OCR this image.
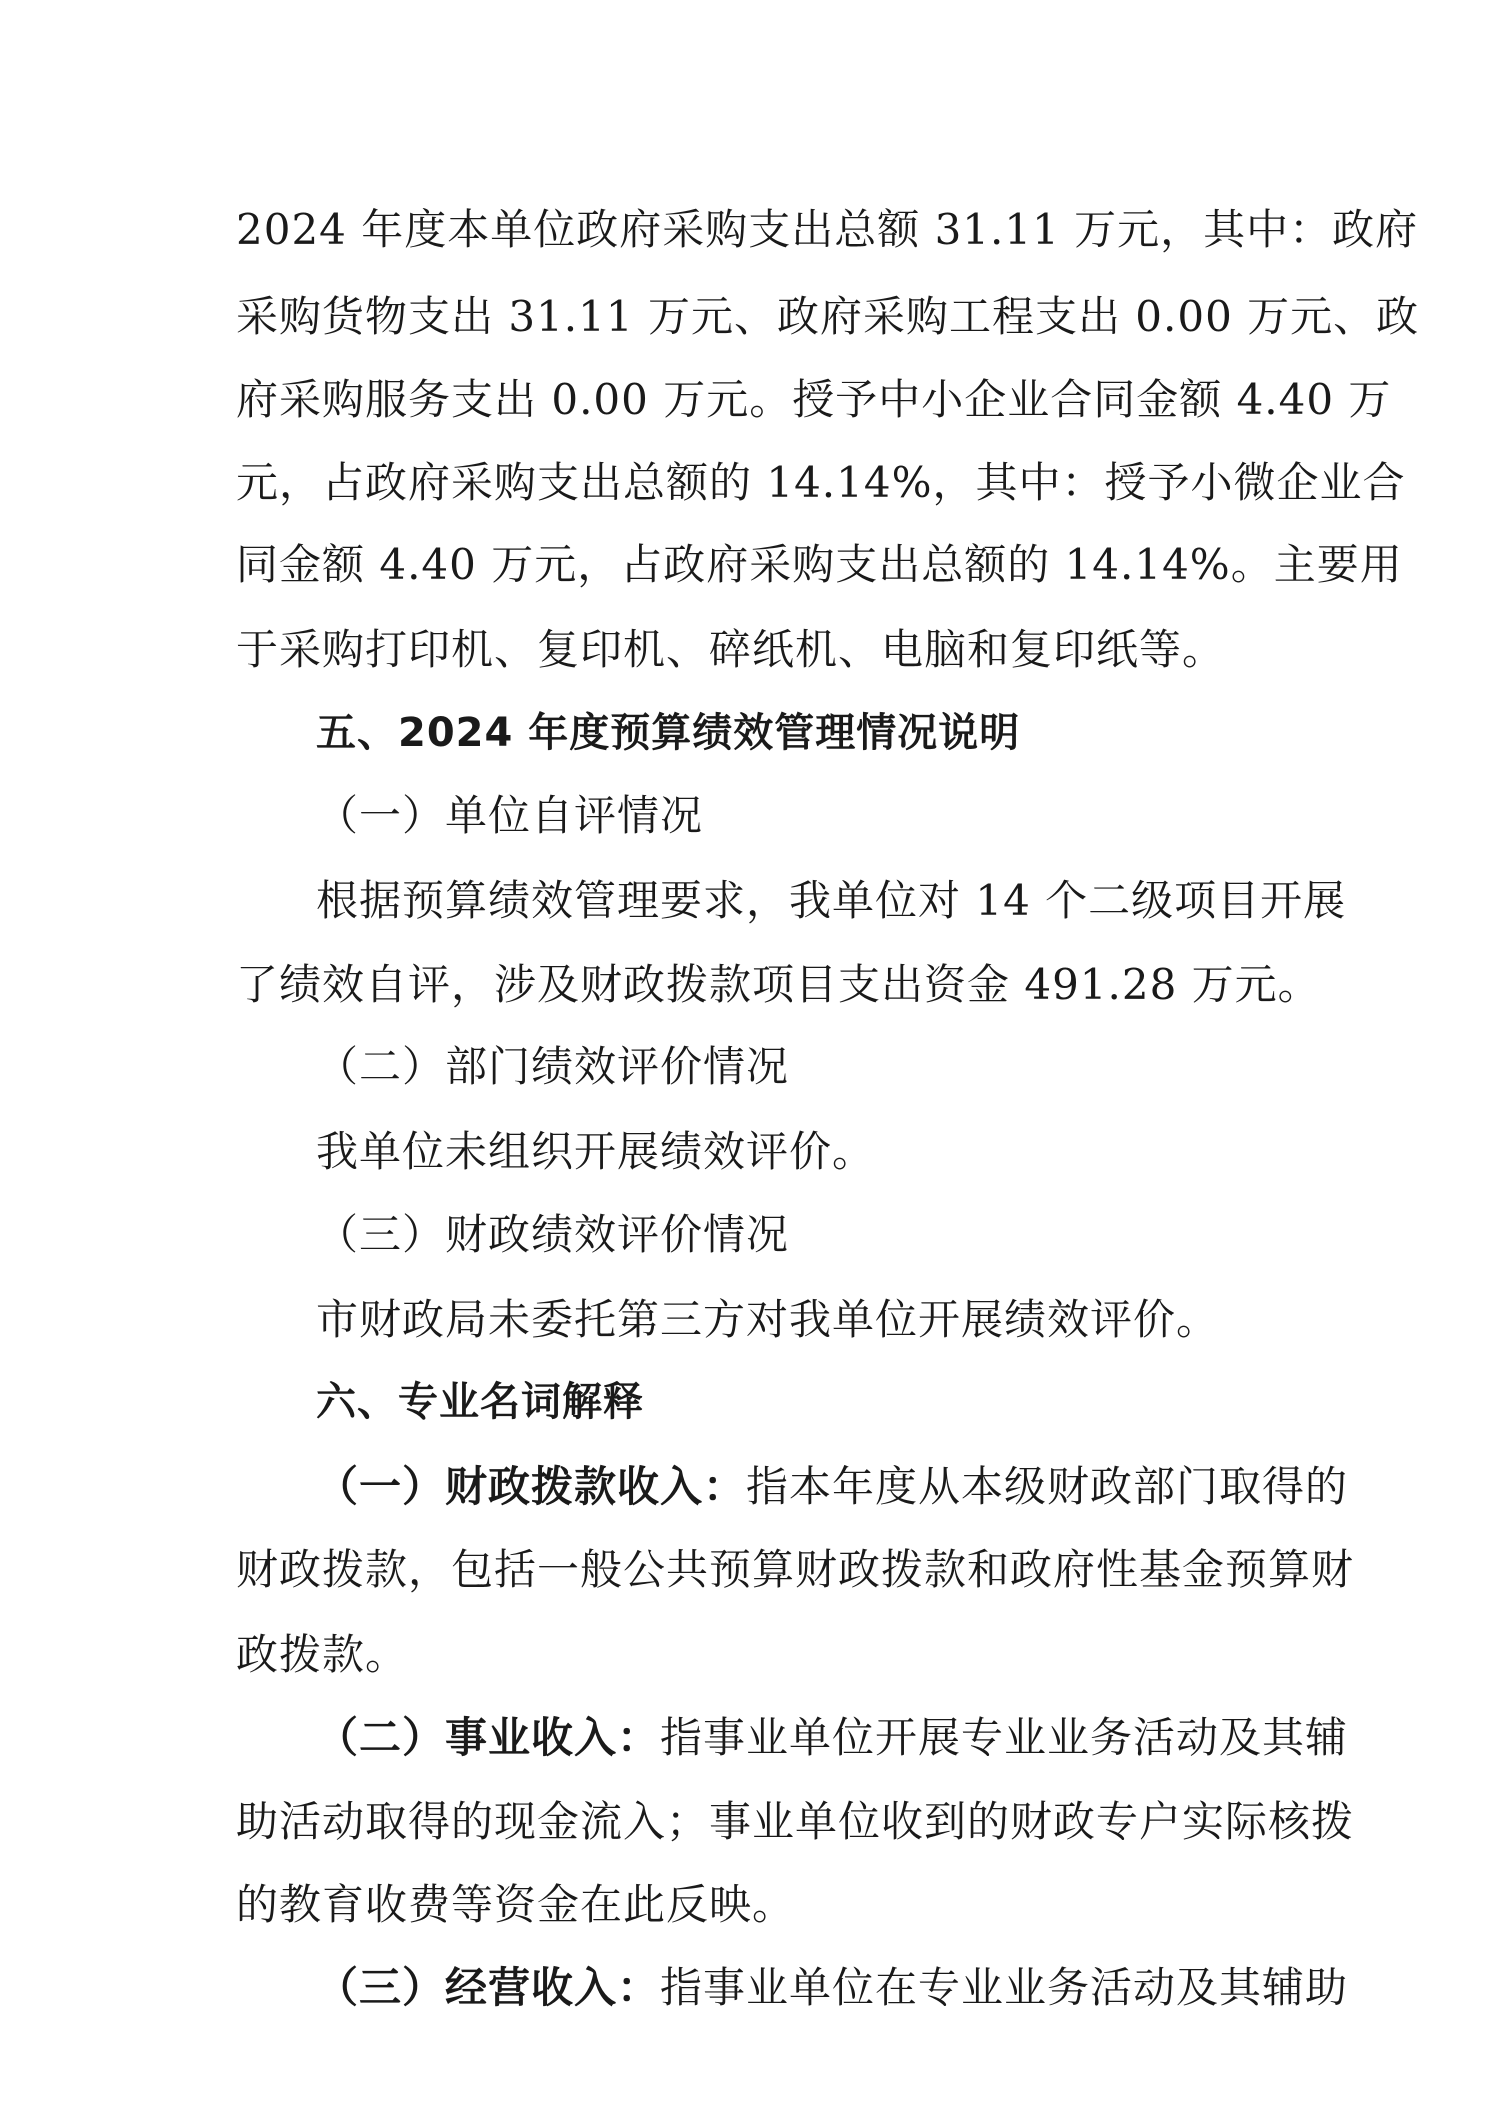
2024 年度本单位政府采购支出总额 31.11 万元，其中：政府
采购货物支出 31.11 万元、政府采购工程支出 0.00 万元、政
府采购服务支出 0.00 万元。授予中小企业合同金额 4.40 万
元，占政府采购支出总额的 14.14%，其中：授予小微企业合
同金额 4.40 万元，占政府采购支出总额的 14.14%。主要用
于采购打印机、复印机、碎纸机、电脑和复印纸等。
五、2024 年度预算绩效管理情况说明
（一）单位自评情况
根据预算绩效管理要求，我单位对 14 个二级项目开展
了绩效自评，涉及财政拨款项目支出资金 491.28 万元。
（二）部门绩效评价情况
我单位未组织开展绩效评价。
（三）财政绩效评价情况
市财政局未委托第三方对我单位开展绩效评价。
六、专业名词解释
（一）财政拨款收入：指本年度从本级财政部门取得的
财政拨款，包括一般公共预算财政拨款和政府性基金预算财
政拨款。
（二）事业收入：指事业单位开展专业业务活动及其辅
助活动取得的现金流入；事业单位收到的财政专户实际核拨
的教育收费等资金在此反映。
（三）经营收入：指事业单位在专业业务活动及其辅助
